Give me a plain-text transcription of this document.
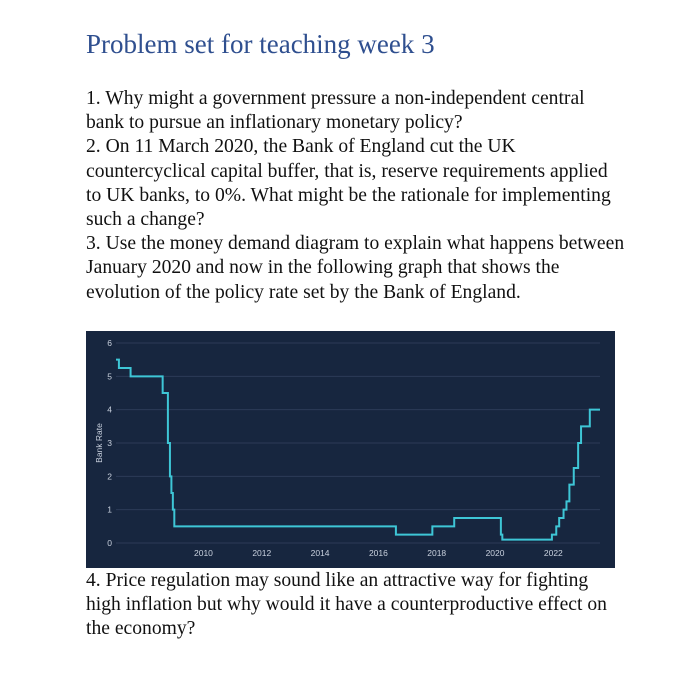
Problem set for teaching week 3
1. Why might a government pressure a non-independent central bank to pursue an inflationary monetary policy?
2. On 11 March 2020, the Bank of England cut the UK countercyclical capital buffer, that is, reserve requirements applied to UK banks, to 0%. What might be the rationale for implementing such a change?
3. Use the money demand diagram to explain what happens between January 2020 and now in the following graph that shows the evolution of the policy rate set by the Bank of England.
0
1
2
3
4
5
6
2010	2012	2014	2016	2018	2020	2022
Bank Rate

4. Price regulation may sound like an attractive way for fighting high inflation but why would it have a counterproductive effect on the economy?
